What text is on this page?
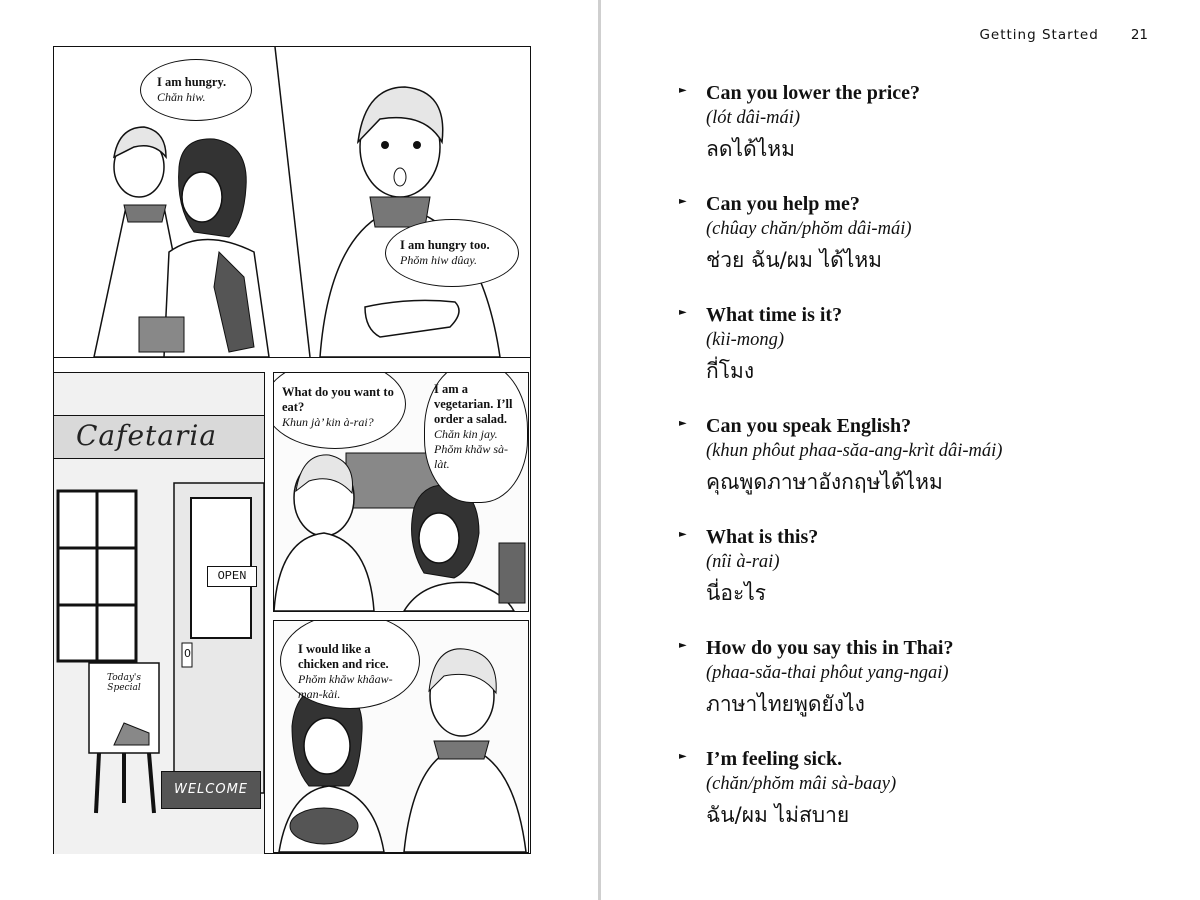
I am hungry.
Chăn hiw.
I am hungry too.
Phŏm hiw dûay.
Cafetaria
OPEN
Today's Special
0
WELCOME
What do you want to eat?
Khun jà’ kin à-rai?
I am a vegetarian. I’ll order a salad.
Chăn kin jay. Phŏm khăw sà-làt.
I would like a chicken and rice.
Phŏm khăw khâaw-man-kài.
Getting Started 21
► Can you lower the price?
(lót dâi-mái)
ลดได้ไหม
► Can you help me?
(chûay chăn/phŏm dâi-mái)
ช่วย ฉัน/ผม ได้ไหม
► What time is it?
(kìi-mong)
กี่โมง
► Can you speak English?
(khun phôut phaa-săa-ang-krìt dâi-mái)
คุณพูดภาษาอังกฤษได้ไหม
► What is this?
(nîi à-rai)
นี่อะไร
► How do you say this in Thai?
(phaa-săa-thai phôut yang-ngai)
ภาษาไทยพูดยังไง
► I’m feeling sick.
(chăn/phŏm mâi sà-baay)
ฉัน/ผม ไม่สบาย
